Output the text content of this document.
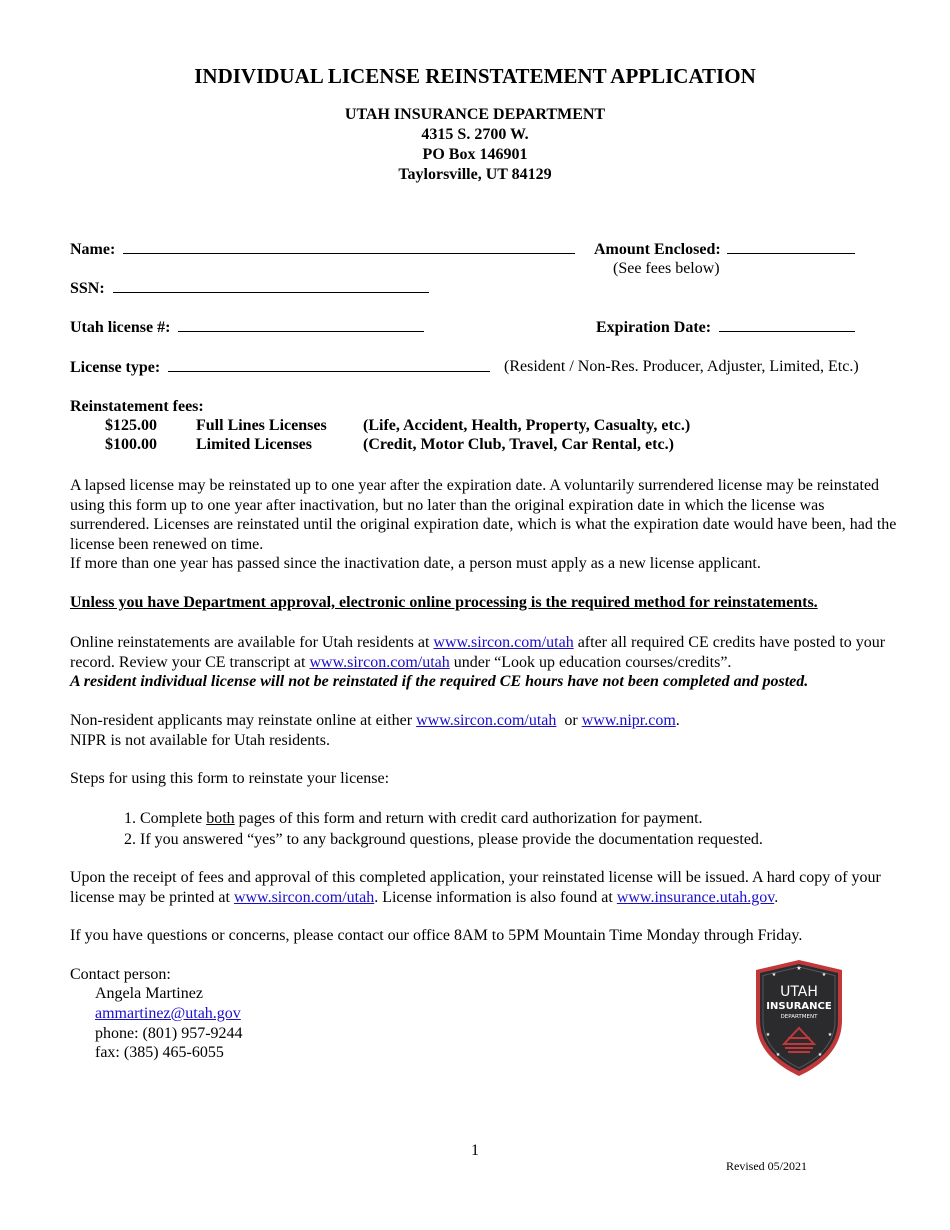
INDIVIDUAL LICENSE REINSTATEMENT APPLICATION
UTAH INSURANCE DEPARTMENT
4315 S. 2700 W.
PO Box 146901
Taylorsville, UT 84129
Name:	Amount Enclosed:
(See fees below)
SSN:
Utah license #:	Expiration Date:
License type:	(Resident / Non-Res. Producer, Adjuster, Limited, Etc.)
Reinstatement fees:
$125.00 Full Lines Licenses (Life, Accident, Health, Property, Casualty, etc.)
$100.00 Limited Licenses	(Credit, Motor Club, Travel, Car Rental, etc.)
A lapsed license may be reinstated up to one year after the expiration date. A voluntarily surrendered license may be reinstated using this form up to one year after inactivation, but no later than the original expiration date in which the license was surrendered. Licenses are reinstated until the original expiration date, which is what the expiration date would have been, had the license been renewed on time.
If more than one year has passed since the inactivation date, a person must apply as a new license applicant.
Unless you have Department approval, electronic online processing is the required method for reinstatements.
Online reinstatements are available for Utah residents at www.sircon.com/utah after all required CE credits have posted to your record. Review your CE transcript at www.sircon.com/utah under “Look up education courses/credits”.
A resident individual license will not be reinstated if the required CE hours have not been completed and posted.
Non-resident applicants may reinstate online at either www.sircon.com/utah  or www.nipr.com.
NIPR is not available for Utah residents.
Steps for using this form to reinstate your license:
1. Complete both pages of this form and return with credit card authorization for payment.
2. If you answered “yes” to any background questions, please provide the documentation requested.
Upon the receipt of fees and approval of this completed application, your reinstated license will be issued. A hard copy of your license may be printed at www.sircon.com/utah. License information is also found at www.insurance.utah.gov.
If you have questions or concerns, please contact our office 8AM to 5PM Mountain Time Monday through Friday.
Contact person:
Angela Martinez
ammartinez@utah.gov
phone: (801) 957-9244
fax: (385) 465-6055
★
★	★
★	★
★	★
UTAH
INSURANCE
DEPARTMENT
1
Revised 05/2021
